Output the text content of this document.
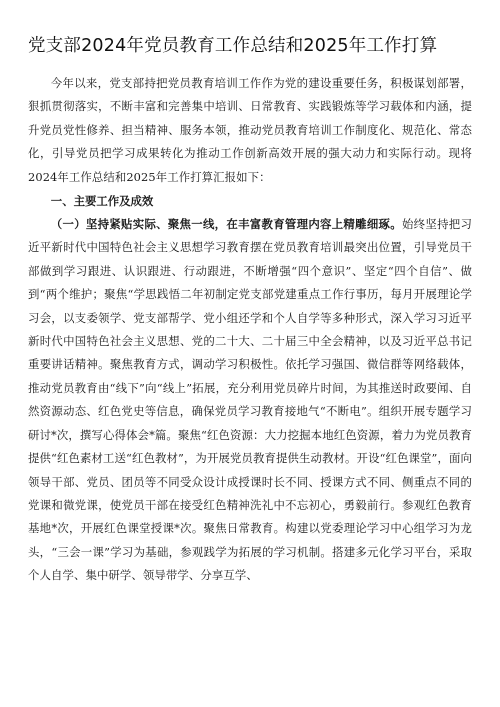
党支部2024年党员教育工作总结和2025年工作打算

今年以来，党支部持把党员教育培训工作作为党的建设重要任务，积极谋划部署，狠抓贯彻落实，不断丰富和完善集中培训、日常教育、实践锻炼等学习载体和内涵，提升党员党性修养、担当精神、服务本领，推动党员教育培训工作制度化、规范化、常态化，引导党员把学习成果转化为推动工作创新高效开展的强大动力和实际行动。现将2024年工作总结和2025年工作打算汇报如下：

一、主要工作及成效

（一）坚持紧贴实际、聚焦一线，在丰富教育管理内容上精雕细琢。始终坚持把习近平新时代中国特色社会主义思想学习教育摆在党员教育培训最突出位置，引导党员干部做到学习跟进、认识跟进、行动跟进，不断增强“四个意识”、坚定“四个自信”、做到“两个维护；聚焦“学思践悟二年初制定党支部党建重点工作行事历，每月开展理论学习会，以支委领学、党支部帮学、党小组还学和个人自学等多种形式，深入学习习近平新时代中国特色社会主义思想、党的二十大、二十届三中全会精神，以及习近平总书记重要讲话精神。聚焦教育方式，调动学习积极性。依托学习强国、微信群等网络载体，推动党员教育由“线下”向“线上”拓展，充分利用党员碎片时间，为其推送时政要闻、自然资源动态、红色党史等信息，确保党员学习教育接地气“不断电”。组织开展专题学习研讨*次，撰写心得体会*篇。聚焦“红色资源：大力挖掘本地红色资源，着力为党员教育提供“红色素材工送“红色教材”，为开展党员教育提供生动教材。开设“红色课堂”，面向领导干部、党员、团员等不同受众设计成授课时长不同、授课方式不同、侧重点不同的党课和微党课，使党员干部在接受红色精神洗礼中不忘初心，勇毅前行。参观红色教育基地*次，开展红色课堂授课*次。聚焦日常教育。构建以党委理论学习中心组学习为龙头，“三会一课”学习为基础，参观践学为拓展的学习机制。搭建多元化学习平台，采取个人自学、集中研学、领导带学、分享互学、
